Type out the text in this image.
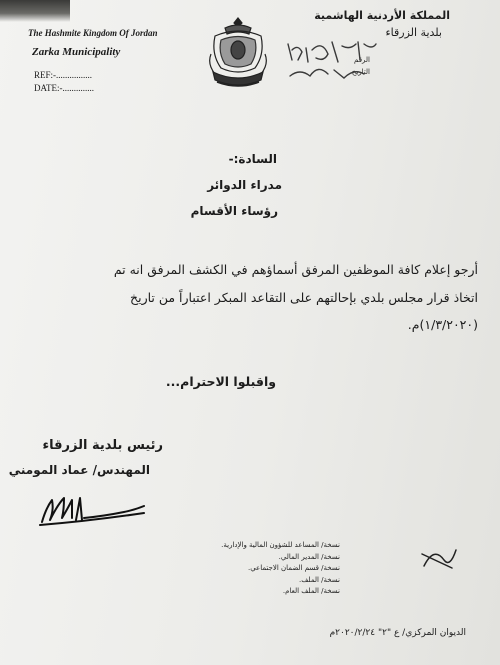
The Hashmite Kingdom Of Jordan
Zarka Municipality
REF:-................
DATE:-..............
المملكة الأردنية الهاشمية
بلدية الزرقاء
الرقم
التاريخ
السادة:-
مدراء الدوائر
رؤساء الأقسام
أرجو إعلام كافة الموظفين المرفق أسماؤهم في الكشف المرفق انه تم
اتخاذ قرار مجلس بلدي بإحالتهم على التقاعد المبكر اعتباراً من تاريخ
(١/٣/٢٠٢٠)م.
واقبلوا الاحترام...
رئيس بلدية الزرقاء
المهندس/ عماد المومني
نسخة/ المساعد للشؤون المالية والإدارية.
نسخة/ المدير المالي.
نسخة/ قسم الضمان الاجتماعي.
نسخة/ الملف.
نسخة/ الملف العام.
الديوان المركزي/ ع "٢" ٢٠٢٠/٢/٢٤م
